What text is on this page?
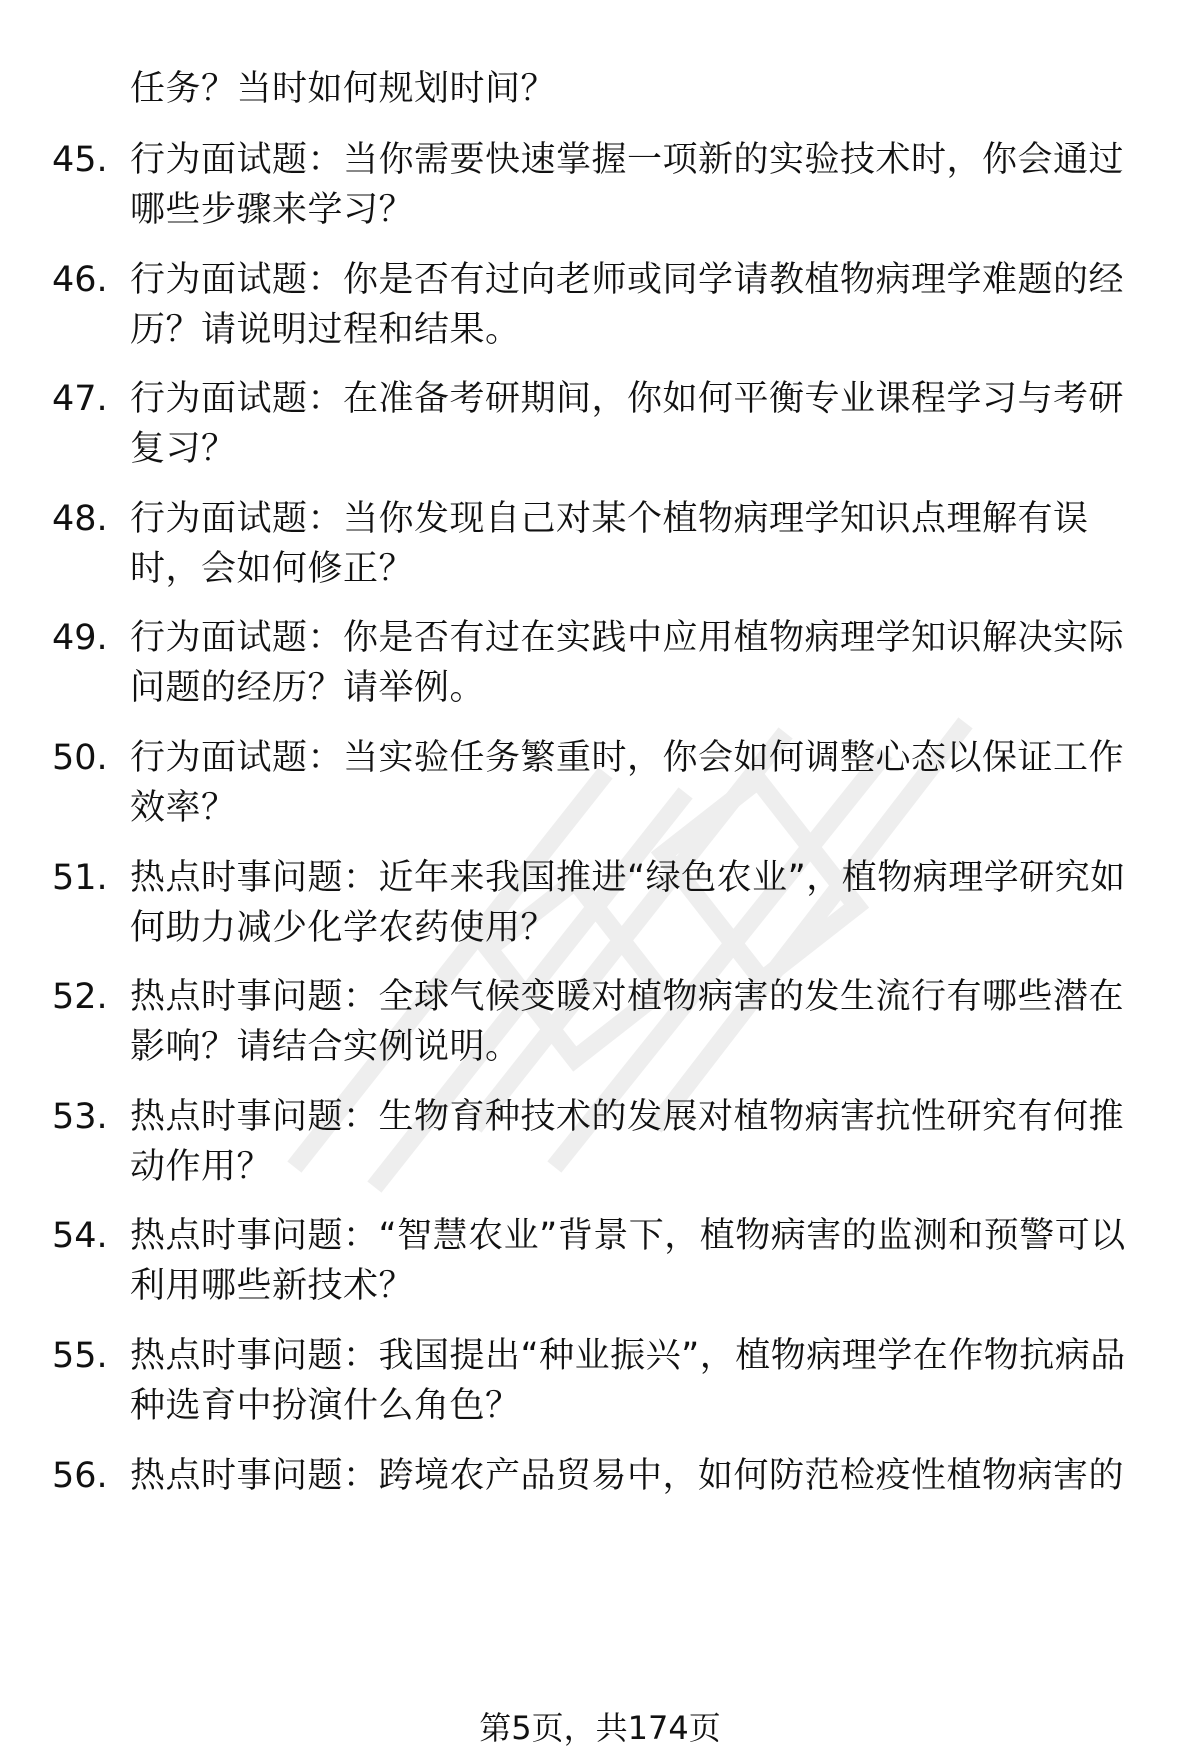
任务？当时如何规划时间？
45. 行为面试题：当你需要快速掌握一项新的实验技术时，你会通过哪些步骤来学习？
46. 行为面试题：你是否有过向老师或同学请教植物病理学难题的经历？请说明过程和结果。
47. 行为面试题：在准备考研期间，你如何平衡专业课程学习与考研复习？
48. 行为面试题：当你发现自己对某个植物病理学知识点理解有误时，会如何修正？
49. 行为面试题：你是否有过在实践中应用植物病理学知识解决实际问题的经历？请举例。
50. 行为面试题：当实验任务繁重时，你会如何调整心态以保证工作效率？
51. 热点时事问题：近年来我国推进“绿色农业”，植物病理学研究如何助力减少化学农药使用？
52. 热点时事问题：全球气候变暖对植物病害的发生流行有哪些潜在影响？请结合实例说明。
53. 热点时事问题：生物育种技术的发展对植物病害抗性研究有何推动作用？
54. 热点时事问题：“智慧农业”背景下，植物病害的监测和预警可以利用哪些新技术？
55. 热点时事问题：我国提出“种业振兴”，植物病理学在作物抗病品种选育中扮演什么角色？
56. 热点时事问题：跨境农产品贸易中，如何防范检疫性植物病害的
第5页，共174页
